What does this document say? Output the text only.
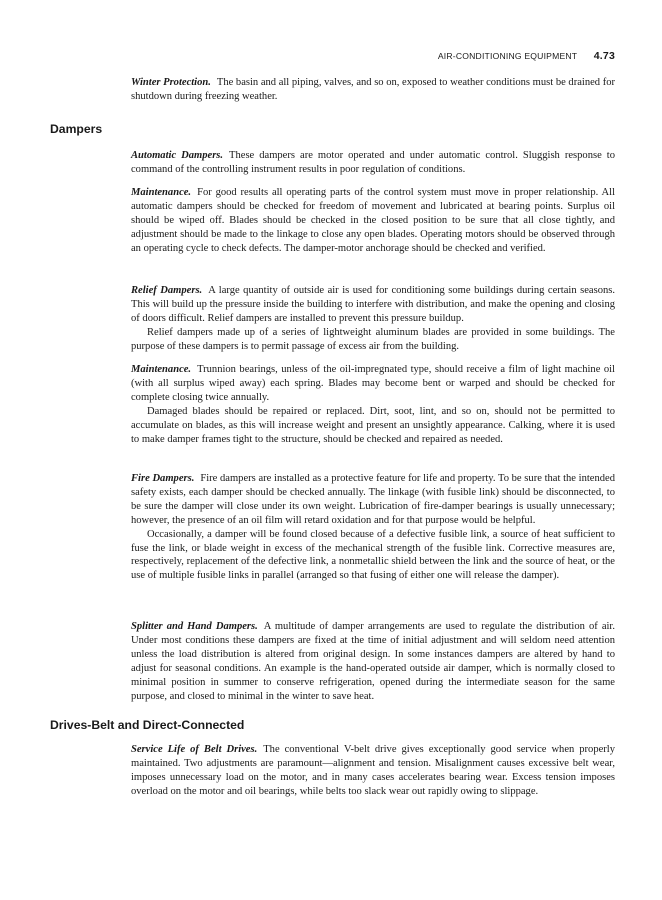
AIR-CONDITIONING EQUIPMENT 4.73

Winter Protection. The basin and all piping, valves, and so on, exposed to weather conditions must be drained for shutdown during freezing weather.

Dampers

Automatic Dampers. These dampers are motor operated and under automatic control. Sluggish response to command of the controlling instrument results in poor regulation of conditions.

Maintenance. For good results all operating parts of the control system must move in proper relationship. All automatic dampers should be checked for freedom of movement and lubricated at bearing points. Surplus oil should be wiped off. Blades should be checked in the closed position to be sure that all close tightly, and adjustment should be made to the linkage to close any open blades. Operating motors should be observed through an operating cycle to check defects. The damper-motor anchorage should be checked and verified.

Relief Dampers. A large quantity of outside air is used for conditioning some buildings during certain seasons. This will build up the pressure inside the building to interfere with distribution, and make the opening and closing of doors difficult. Relief dampers are installed to prevent this pressure buildup.

Relief dampers made up of a series of lightweight aluminum blades are provided in some buildings. The purpose of these dampers is to permit passage of excess air from the building.

Maintenance. Trunnion bearings, unless of the oil-impregnated type, should receive a film of light machine oil (with all surplus wiped away) each spring. Blades may become bent or warped and should be checked for complete closing twice annually.

Damaged blades should be repaired or replaced. Dirt, soot, lint, and so on, should not be permitted to accumulate on blades, as this will increase weight and present an unsightly appearance. Calking, where it is used to make damper frames tight to the structure, should be checked and repaired as needed.

Fire Dampers. Fire dampers are installed as a protective feature for life and property. To be sure that the intended safety exists, each damper should be checked annually. The linkage (with fusible link) should be disconnected, to be sure the damper will close under its own weight. Lubrication of fire-damper bearings is usually unnecessary; however, the presence of an oil film will retard oxidation and for that purpose would be helpful.

Occasionally, a damper will be found closed because of a defective fusible link, a source of heat sufficient to fuse the link, or blade weight in excess of the mechanical strength of the fusible link. Corrective measures are, respectively, replacement of the defective link, a nonmetallic shield between the link and the source of heat, or the use of multiple fusible links in parallel (arranged so that fusing of either one will release the damper).

Splitter and Hand Dampers. A multitude of damper arrangements are used to regulate the distribution of air. Under most conditions these dampers are fixed at the time of initial adjustment and will seldom need attention unless the load distribution is altered from original design. In some instances dampers are altered by hand to adjust for seasonal conditions. An example is the hand-operated outside air damper, which is normally closed to minimal position in summer to conserve refrigeration, opened during the intermediate season for the same purpose, and closed to minimal in the winter to save heat.

Drives-Belt and Direct-Connected

Service Life of Belt Drives. The conventional V-belt drive gives exceptionally good service when properly maintained. Two adjustments are paramount—alignment and tension. Misalignment causes excessive belt wear, imposes unnecessary load on the motor, and in many cases accelerates bearing wear. Excess tension imposes overload on the motor and oil bearings, while belts too slack wear out rapidly owing to slippage.
